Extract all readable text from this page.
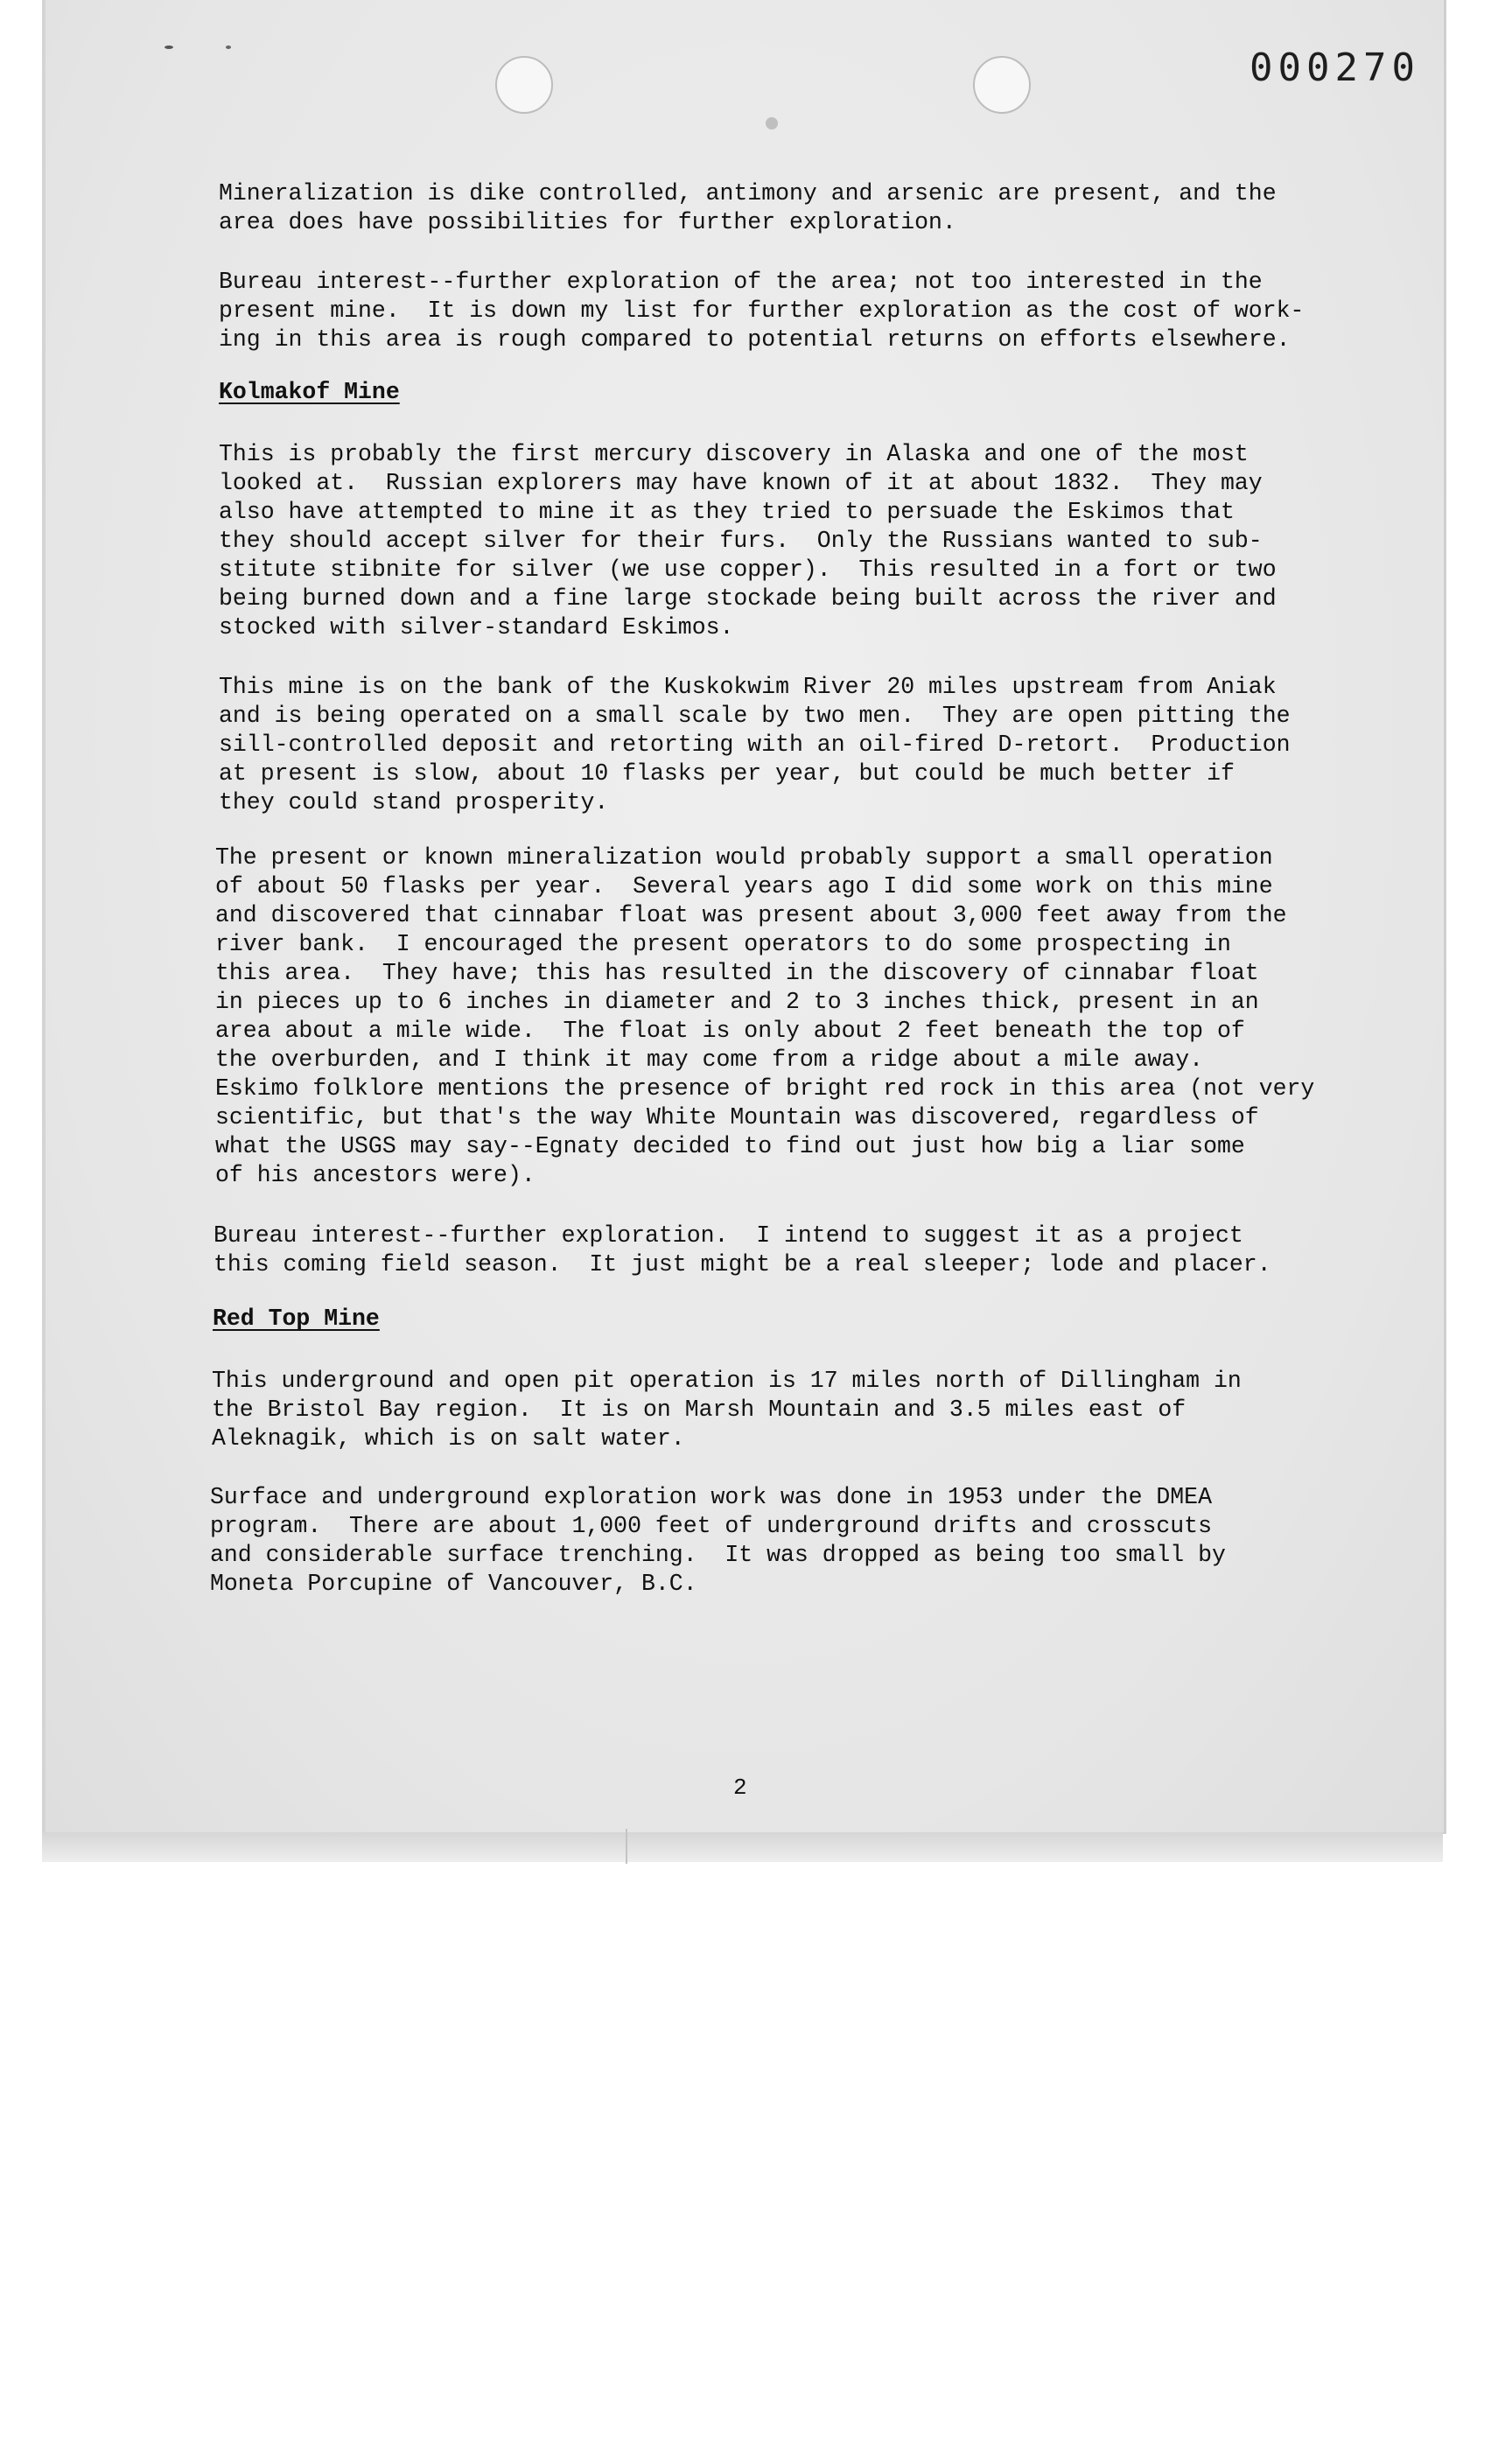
000270

Mineralization is dike controlled, antimony and arsenic are present, and the
area does have possibilities for further exploration.

Bureau interest--further exploration of the area; not too interested in the
present mine.  It is down my list for further exploration as the cost of work-
ing in this area is rough compared to potential returns on efforts elsewhere.

Kolmakof Mine

This is probably the first mercury discovery in Alaska and one of the most
looked at.  Russian explorers may have known of it at about 1832.  They may
also have attempted to mine it as they tried to persuade the Eskimos that
they should accept silver for their furs.  Only the Russians wanted to sub-
stitute stibnite for silver (we use copper).  This resulted in a fort or two
being burned down and a fine large stockade being built across the river and
stocked with silver-standard Eskimos.

This mine is on the bank of the Kuskokwim River 20 miles upstream from Aniak
and is being operated on a small scale by two men.  They are open pitting the
sill-controlled deposit and retorting with an oil-fired D-retort.  Production
at present is slow, about 10 flasks per year, but could be much better if
they could stand prosperity.

The present or known mineralization would probably support a small operation
of about 50 flasks per year.  Several years ago I did some work on this mine
and discovered that cinnabar float was present about 3,000 feet away from the
river bank.  I encouraged the present operators to do some prospecting in
this area.  They have; this has resulted in the discovery of cinnabar float
in pieces up to 6 inches in diameter and 2 to 3 inches thick, present in an
area about a mile wide.  The float is only about 2 feet beneath the top of
the overburden, and I think it may come from a ridge about a mile away.
Eskimo folklore mentions the presence of bright red rock in this area (not very
scientific, but that's the way White Mountain was discovered, regardless of
what the USGS may say--Egnaty decided to find out just how big a liar some
of his ancestors were).

Bureau interest--further exploration.  I intend to suggest it as a project
this coming field season.  It just might be a real sleeper; lode and placer.

Red Top Mine

This underground and open pit operation is 17 miles north of Dillingham in
the Bristol Bay region.  It is on Marsh Mountain and 3.5 miles east of
Aleknagik, which is on salt water.

Surface and underground exploration work was done in 1953 under the DMEA
program.  There are about 1,000 feet of underground drifts and crosscuts
and considerable surface trenching.  It was dropped as being too small by
Moneta Porcupine of Vancouver, B.C.

2
